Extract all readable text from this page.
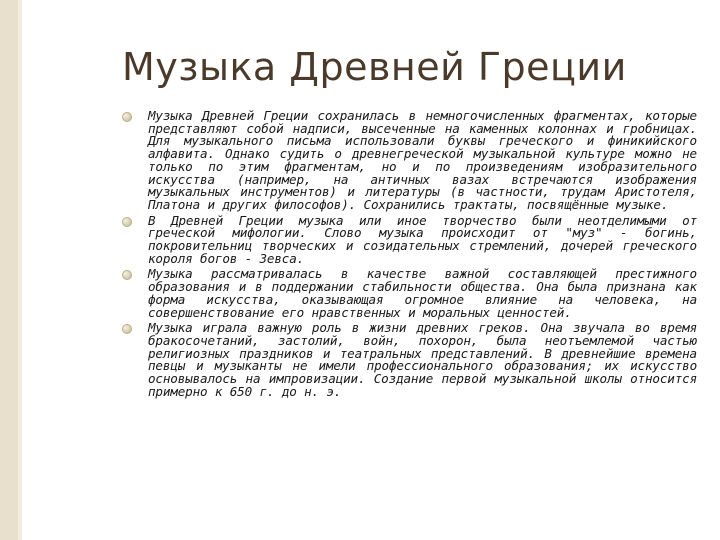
Музыка Древней Греции
Музыка Древней Греции сохранилась в немногочисленных фрагментах, которые представляют собой надписи, высеченные на каменных колоннах и гробницах. Для музыкального письма использовали буквы греческого и финикийского алфавита. Однако судить о древнегреческой музыкальной культуре можно не только по этим фрагментам, но и по произведениям изобразительного искусства (например, на античных вазах встречаются изображения музыкальных инструментов) и литературы (в частности, трудам Аристотеля, Платона и других философов). Сохранились трактаты, посвящённые музыке.
В Древней Греции музыка или иное творчество были неотделимыми от греческой мифологии. Слово музыка происходит от "муз" - богинь, покровительниц творческих и созидательных стремлений, дочерей греческого короля богов - Зевса.
Музыка рассматривалась в качестве важной составляющей престижного образования и в поддержании стабильности общества. Она была признана как форма искусства, оказывающая огромное влияние на человека, на совершенствование его нравственных и моральных ценностей.
Музыка играла важную роль в жизни древних греков. Она звучала во время бракосочетаний, застолий, войн, похорон, была неотъемлемой частью религиозных праздников и театральных представлений. В древнейшие времена певцы и музыканты не имели профессионального образования; их искусство основывалось на импровизации. Создание первой музыкальной школы относится примерно к 650 г. до н. э.
